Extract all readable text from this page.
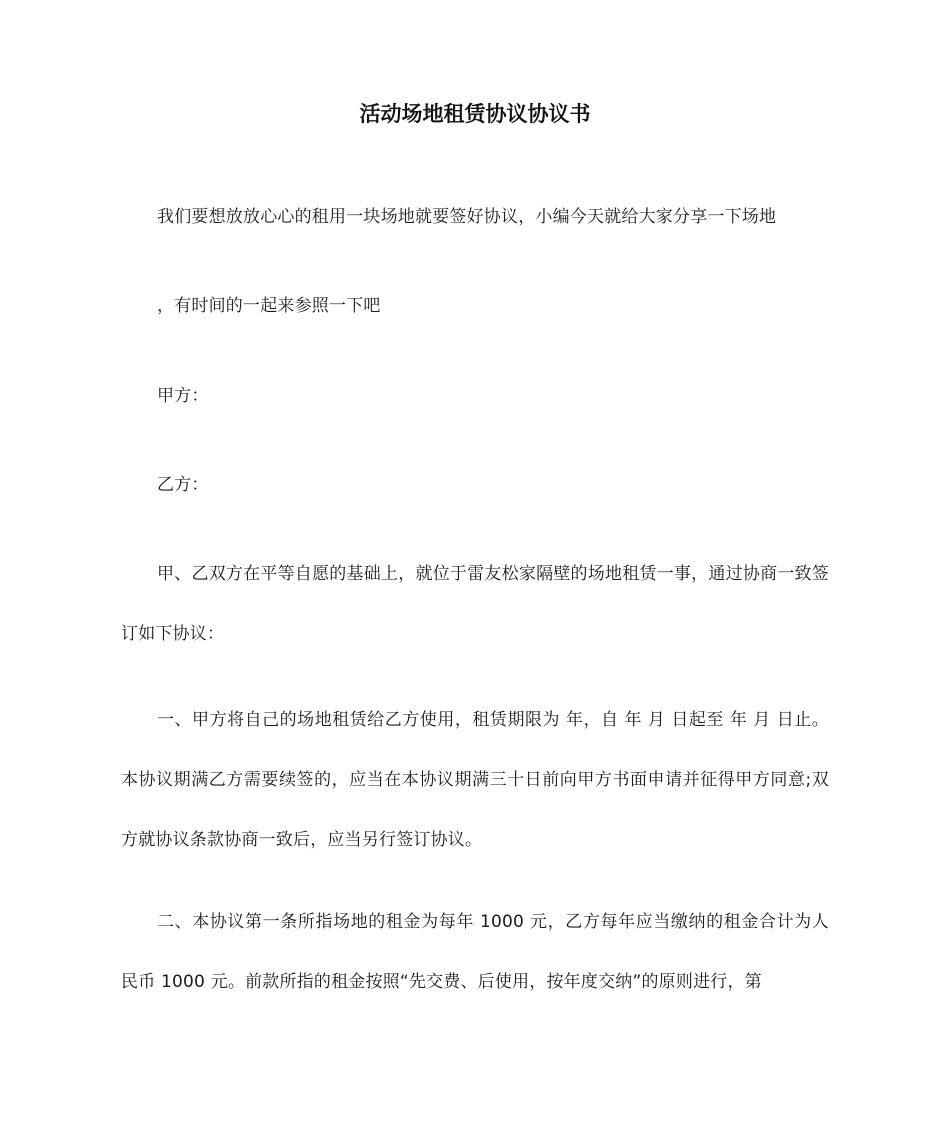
活动场地租赁协议协议书
我们要想放放心心的租用一块场地就要签好协议，小编今天就给大家分享一下场地
，有时间的一起来参照一下吧
甲方：
乙方：
甲、乙双方在平等自愿的基础上，就位于雷友松家隔壁的场地租赁一事，通过协商一致签订如下协议：
一、甲方将自己的场地租赁给乙方使用，租赁期限为 年，自 年 月 日起至 年 月 日止。本协议期满乙方需要续签的，应当在本协议期满三十日前向甲方书面申请并征得甲方同意;双方就协议条款协商一致后，应当另行签订协议。
二、本协议第一条所指场地的租金为每年 1000 元，乙方每年应当缴纳的租金合计为人民币 1000 元。前款所指的租金按照“先交费、后使用，按年度交纳”的原则进行，第
